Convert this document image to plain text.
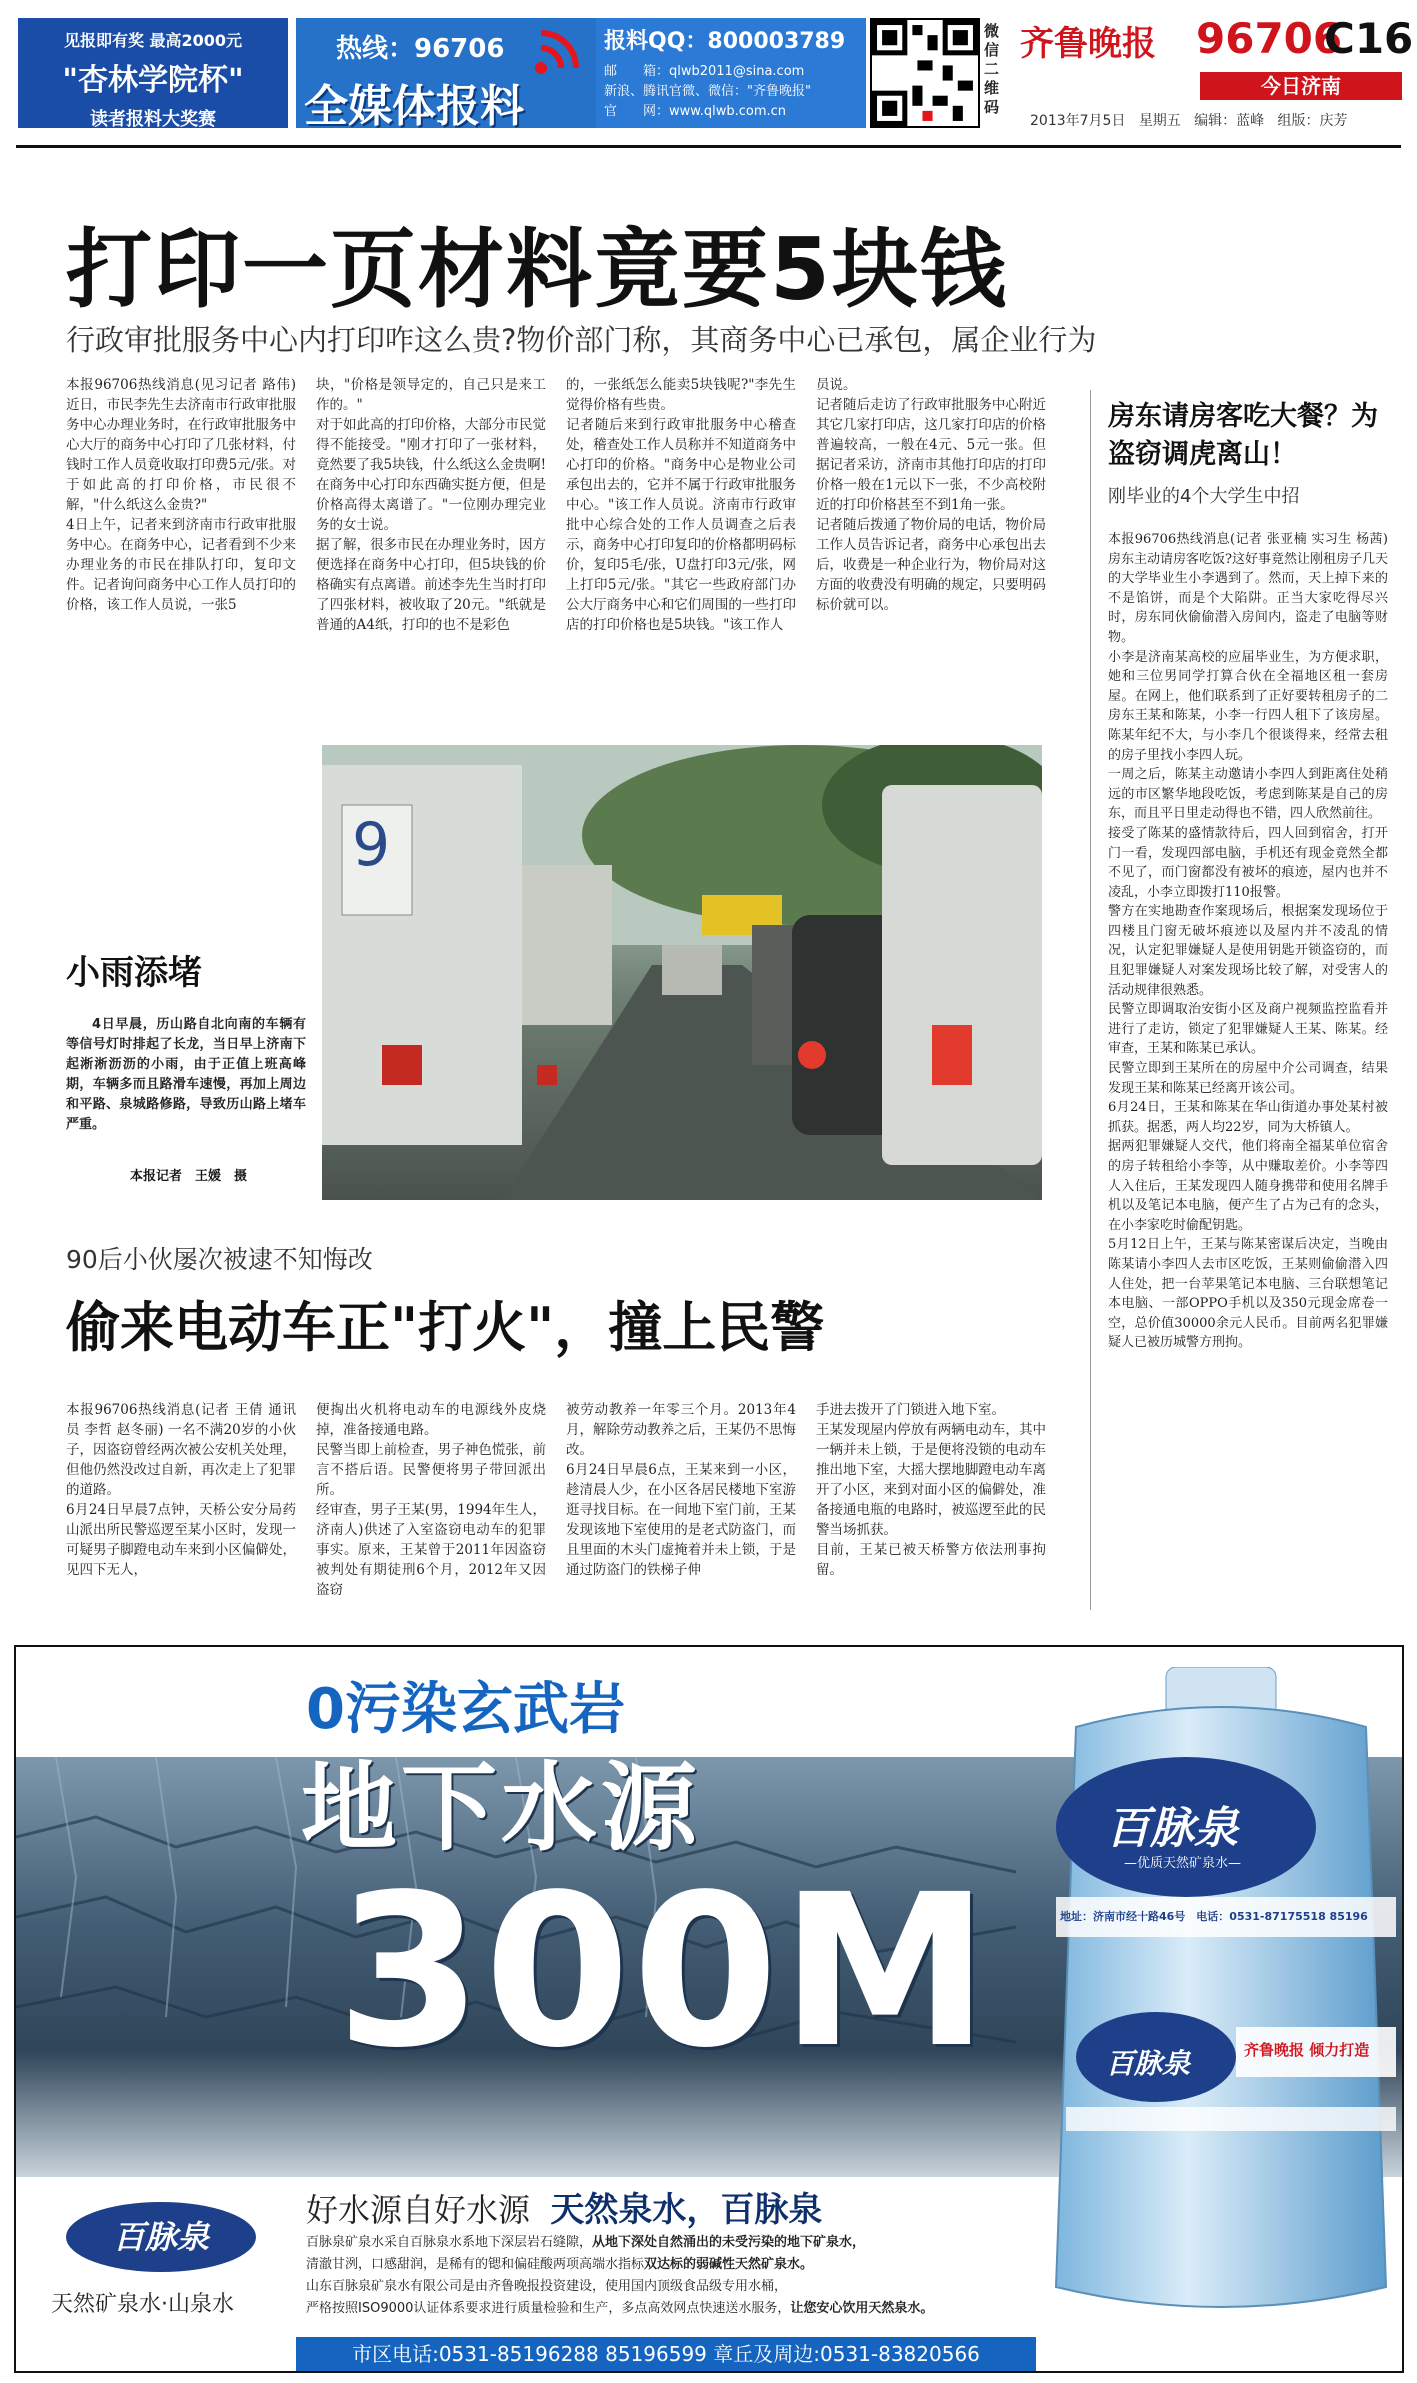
见报即有奖 最高2000元
"杏林学院杯"
读者报料大奖赛
热线：96706
全媒体报料
报料QQ：800003789
邮　　箱：qlwb2011@sina.com
新浪、腾讯官微、微信："齐鲁晚报"
官　　网：www.qlwb.com.cn
微信二维码
齐鲁晚报 96706
C16
今日济南
2013年7月5日 星期五 编辑：蓝峰 组版：庆芳
打印一页材料竟要5块钱
行政审批服务中心内打印咋这么贵?物价部门称，其商务中心已承包，属企业行为
本报96706热线消息(见习记者 路伟) 近日，市民李先生去济南市行政审批服务中心办理业务时，在行政审批服务中心大厅的商务中心打印了几张材料，付钱时工作人员竟收取打印费5元/张。对于如此高的打印价格，市民很不解，"什么纸这么金贵?"
4日上午，记者来到济南市行政审批服务中心。在商务中心，记者看到不少来办理业务的市民在排队打印，复印文件。记者询问商务中心工作人员打印的价格，该工作人员说，一张5
块，"价格是领导定的，自己只是来工作的。"
对于如此高的打印价格，大部分市民觉得不能接受。"刚才打印了一张材料，竟然要了我5块钱，什么纸这么金贵啊!在商务中心打印东西确实挺方便，但是价格高得太离谱了。"一位刚办理完业务的女士说。
据了解，很多市民在办理业务时，因方便选择在商务中心打印，但5块钱的价格确实有点离谱。前述李先生当时打印了四张材料，被收取了20元。"纸就是普通的A4纸，打印的也不是彩色
的，一张纸怎么能卖5块钱呢?"李先生觉得价格有些贵。
记者随后来到行政审批服务中心稽查处，稽查处工作人员称并不知道商务中心打印的价格。"商务中心是物业公司承包出去的，它并不属于行政审批服务中心。"该工作人员说。济南市行政审批中心综合处的工作人员调查之后表示，商务中心打印复印的价格都明码标价，复印5毛/张，U盘打印3元/张，网上打印5元/张。"其它一些政府部门办公大厅商务中心和它们周围的一些打印店的打印价格也是5块钱。"该工作人
员说。
记者随后走访了行政审批服务中心附近其它几家打印店，这几家打印店的价格普遍较高，一般在4元、5元一张。但据记者采访，济南市其他打印店的打印价格一般在1元以下一张，不少高校附近的打印价格甚至不到1角一张。
记者随后拨通了物价局的电话，物价局工作人员告诉记者，商务中心承包出去后，收费是一种企业行为，物价局对这方面的收费没有明确的规定，只要明码标价就可以。
9
小雨添堵
4日早晨，历山路自北向南的车辆有等信号灯时排起了长龙，当日早上济南下起淅淅沥沥的小雨，由于正值上班高峰期，车辆多而且路滑车速慢，再加上周边和平路、泉城路修路，导致历山路上堵车严重。
本报记者　王媛　摄
房东请房客吃大餐？为盗窃调虎离山！
刚毕业的4个大学生中招
本报96706热线消息(记者 张亚楠 实习生 杨茜) 房东主动请房客吃饭?这好事竟然让刚租房子几天的大学毕业生小李遇到了。然而，天上掉下来的不是馅饼，而是个大陷阱。正当大家吃得尽兴时，房东同伙偷偷潜入房间内，盗走了电脑等财物。
小李是济南某高校的应届毕业生，为方便求职，她和三位男同学打算合伙在全福地区租一套房屋。在网上，他们联系到了正好要转租房子的二房东王某和陈某，小李一行四人租下了该房屋。陈某年纪不大，与小李几个很谈得来，经常去租的房子里找小李四人玩。
一周之后，陈某主动邀请小李四人到距离住处稍远的市区繁华地段吃饭，考虑到陈某是自己的房东，而且平日里走动得也不错，四人欣然前往。
接受了陈某的盛情款待后，四人回到宿舍，打开门一看，发现四部电脑，手机还有现金竟然全都不见了，而门窗都没有被坏的痕迹，屋内也并不凌乱，小李立即拨打110报警。
警方在实地勘查作案现场后，根据案发现场位于四楼且门窗无破坏痕迹以及屋内并不凌乱的情况，认定犯罪嫌疑人是使用钥匙开锁盗窃的，而且犯罪嫌疑人对案发现场比较了解，对受害人的活动规律很熟悉。
民警立即调取治安街小区及商户视频监控监看并进行了走访，锁定了犯罪嫌疑人王某、陈某。经审查，王某和陈某已承认。
民警立即到王某所在的房屋中介公司调查，结果发现王某和陈某已经离开该公司。
6月24日，王某和陈某在华山街道办事处某村被抓获。据悉，两人均22岁，同为大桥镇人。
据两犯罪嫌疑人交代，他们将南全福某单位宿舍的房子转租给小李等，从中赚取差价。小李等四人入住后，王某发现四人随身携带和使用名牌手机以及笔记本电脑，便产生了占为己有的念头，在小李家吃时偷配钥匙。
5月12日上午，王某与陈某密谋后决定，当晚由陈某请小李四人去市区吃饭，王某则偷偷潜入四人住处，把一台苹果笔记本电脑、三台联想笔记本电脑、一部OPPO手机以及350元现金席卷一空，总价值30000余元人民币。目前两名犯罪嫌疑人已被历城警方刑拘。
90后小伙屡次被逮不知悔改
偷来电动车正"打火"，撞上民警
本报96706热线消息(记者 王倩 通讯员 李哲 赵冬丽) 一名不满20岁的小伙子，因盗窃曾经两次被公安机关处理，但他仍然没改过自新，再次走上了犯罪的道路。
6月24日早晨7点钟，天桥公安分局药山派出所民警巡逻至某小区时，发现一可疑男子脚蹬电动车来到小区偏僻处，见四下无人，
便掏出火机将电动车的电源线外皮烧掉，准备接通电路。
民警当即上前检查，男子神色慌张，前言不搭后语。民警便将男子带回派出所。
经审查，男子王某(男，1994年生人，济南人)供述了入室盗窃电动车的犯罪事实。原来，王某曾于2011年因盗窃被判处有期徒刑6个月，2012年又因盗窃
被劳动教养一年零三个月。2013年4月，解除劳动教养之后，王某仍不思悔改。
6月24日早晨6点，王某来到一小区，趁清晨人少，在小区各居民楼地下室游逛寻找目标。在一间地下室门前，王某发现该地下室使用的是老式防盗门，而且里面的木头门虚掩着并未上锁，于是通过防盗门的铁梯子伸
手进去拨开了门锁进入地下室。
王某发现屋内停放有两辆电动车，其中一辆并未上锁，于是便将没锁的电动车推出地下室，大摇大摆地脚蹬电动车离开了小区，来到对面小区的偏僻处，准备接通电瓶的电路时，被巡逻至此的民警当场抓获。
目前，王某已被天桥警方依法刑事拘留。
0污染玄武岩
地下水源
300M
百脉泉
—优质天然矿泉水—
地址：济南市经十路46号　电话：0531-87175518 85196
百脉泉	齐鲁晚报 倾力打造
好水源自好水源 天然泉水，百脉泉
百脉泉矿泉水采自百脉泉水系地下深层岩石缝隙，从地下深处自然涌出的未受污染的地下矿泉水，
清澈甘洌，口感甜润，是稀有的锶和偏硅酸两项高端水指标双达标的弱碱性天然矿泉水。
山东百脉泉矿泉水有限公司是由齐鲁晚报投资建设，使用国内顶级食品级专用水桶，
严格按照ISO9000认证体系要求进行质量检验和生产，多点高效网点快速送水服务，让您安心饮用天然泉水。
百脉泉
天然矿泉水·山泉水
市区电话:0531-85196288 85196599 章丘及周边:0531-83820566
